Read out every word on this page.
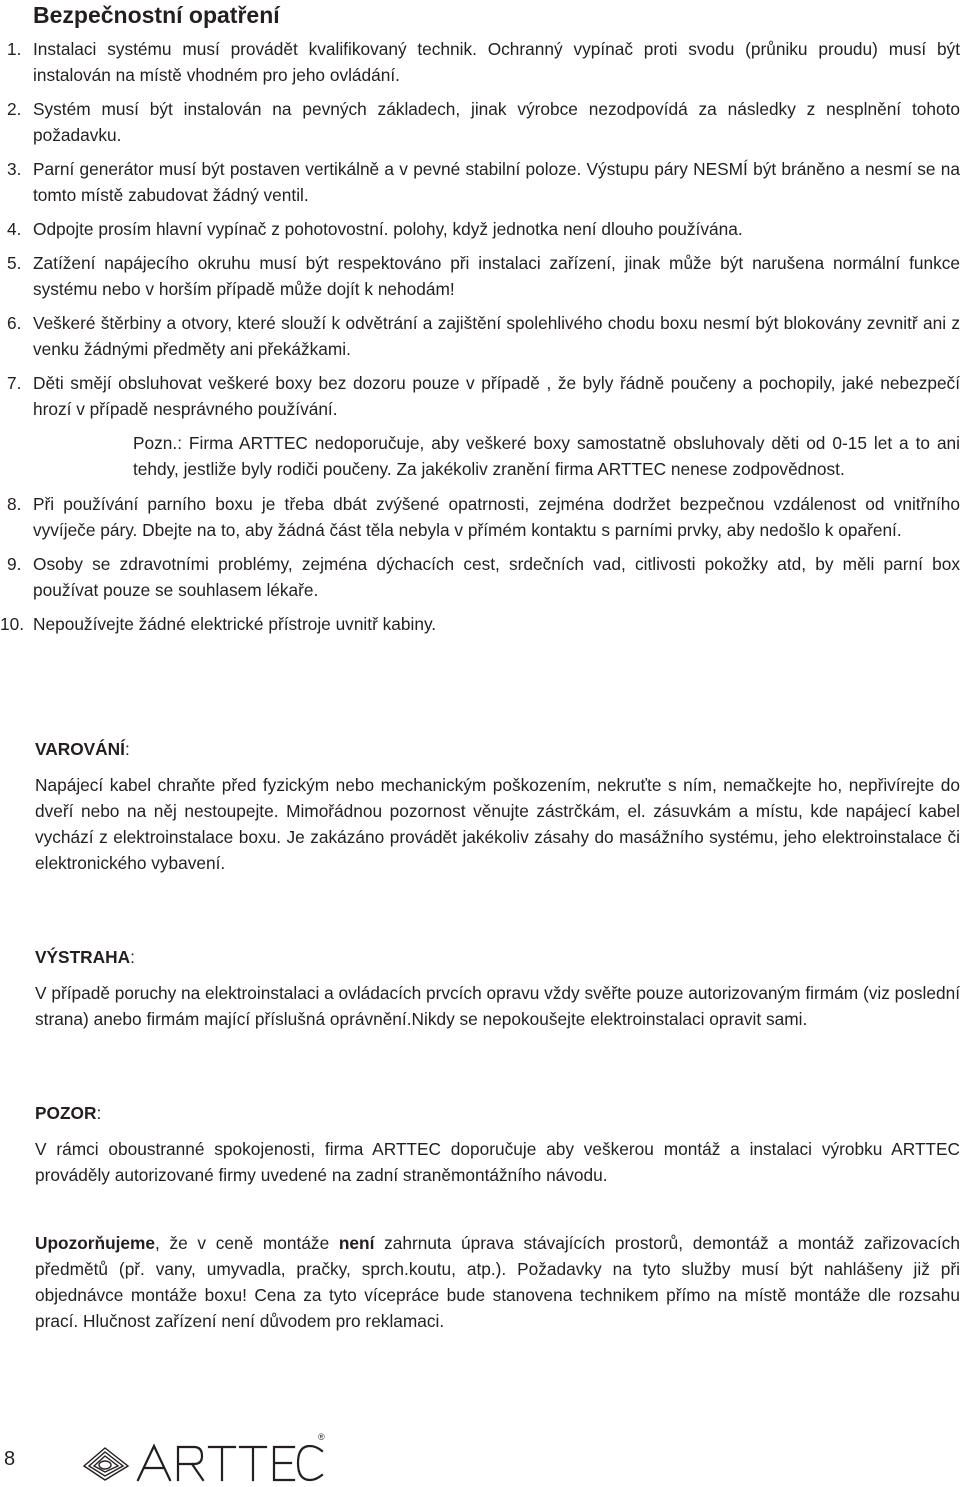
Bezpečnostní opatření
1. Instalaci systému musí provádět kvalifikovaný technik. Ochranný vypínač proti svodu (průniku proudu) musí být instalován na místě vhodném pro jeho ovládání.
2. Systém musí být instalován na pevných základech, jinak výrobce nezodpovídá za následky z nesplnění tohoto požadavku.
3. Parní generátor musí být postaven vertikálně a v pevné stabilní poloze. Výstupu páry NESMÍ být bráněno a nesmí se na tomto místě zabudovat žádný ventil.
4. Odpojte prosím hlavní vypínač z pohotovostní. polohy, když jednotka není dlouho používána.
5. Zatížení napájecího okruhu musí být respektováno při instalaci zařízení, jinak může být narušena normální funkce systému nebo v horším případě může dojít k nehodám!
6. Veškeré štěrbiny a otvory, které slouží k odvětrání a zajištění spolehlivého chodu boxu nesmí být blokovány zevnitř ani z venku žádnými předměty ani překážkami.
7. Děti smějí obsluhovat veškeré boxy bez dozoru pouze v případě , že byly řádně poučeny a pochopily, jaké nebezpečí hrozí v případě nesprávného používání.
Pozn.: Firma ARTTEC nedoporučuje, aby veškeré boxy samostatně obsluhovaly děti od 0-15 let a to ani tehdy, jestliže byly rodiči poučeny. Za jakékoliv zranění firma ARTTEC nenese zodpovědnost.
8. Při používání parního boxu je třeba dbát zvýšené opatrnosti, zejména dodržet bezpečnou vzdálenost od vnitřního vyvíječe páry. Dbejte na to, aby žádná část těla nebyla v přímém kontaktu s parními prvky, aby nedošlo k opaření.
9. Osoby se zdravotními problémy, zejména dýchacích cest, srdečních vad, citlivosti pokožky atd, by měli parní box používat pouze se souhlasem lékaře.
10. Nepoužívejte žádné elektrické přístroje uvnitř kabiny.

VAROVÁNÍ:

Napájecí kabel chraňte před fyzickým nebo mechanickým poškozením, nekruťte s ním, nemačkejte ho, nepřivírejte do dveří nebo na něj nestoupejte. Mimořádnou pozornost věnujte zástrčkám, el. zásuvkám a místu, kde napájecí kabel vychází z elektroinstalace boxu. Je zakázáno provádět jakékoliv zásahy do masážního systému, jeho elektroinstalace či elektronického vybavení.

VÝSTRAHA:

V případě poruchy na elektroinstalaci a ovládacích prvcích opravu vždy svěřte pouze autorizovaným firmám (viz poslední strana) anebo firmám mající příslušná oprávnění.Nikdy se nepokoušejte elektroinstalaci opravit sami.

POZOR:

V rámci oboustranné spokojenosti, firma ARTTEC doporučuje aby veškerou montáž a instalaci výrobku ARTTEC prováděly autorizované firmy uvedené na zadní straněmontážního návodu.

Upozorňujeme, že v ceně montáže není zahrnuta úprava stávajících prostorů, demontáž a montáž zařizovacích předmětů (př. vany, umyvadla, pračky, sprch.koutu, atp.). Požadavky na tyto služby musí být nahlášeny již při objednávce montáže boxu! Cena za tyto vícepráce bude stanovena technikem přímo na místě montáže dle rozsahu prací. Hlučnost zařízení není důvodem pro reklamaci.

8
®
